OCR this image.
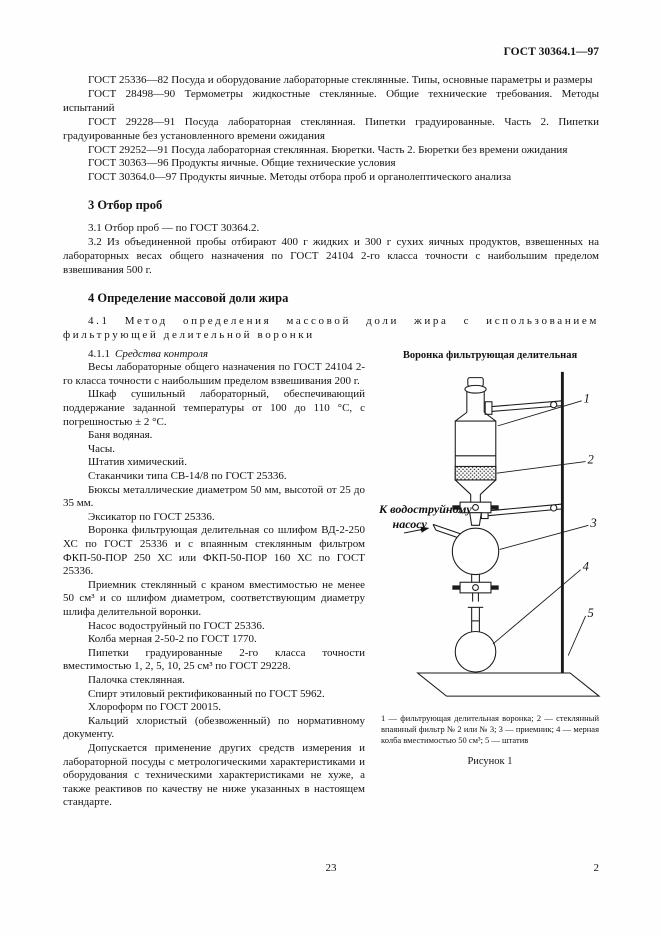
ГОСТ 30364.1—97

ГОСТ 25336—82 Посуда и оборудование лабораторные стеклянные. Типы, основные параметры и размеры

ГОСТ 28498—90 Термометры жидкостные стеклянные. Общие технические требования. Методы испытаний

ГОСТ 29228—91 Посуда лабораторная стеклянная. Пипетки градуированные. Часть 2. Пипетки градуированные без установленного времени ожидания

ГОСТ 29252—91 Посуда лабораторная стеклянная. Бюретки. Часть 2. Бюретки без времени ожидания

ГОСТ 30363—96 Продукты яичные. Общие технические условия

ГОСТ 30364.0—97 Продукты яичные. Методы отбора проб и органолептического анализа

3 Отбор проб

3.1 Отбор проб — по ГОСТ 30364.2.

3.2 Из объединенной пробы отбирают 400 г жидких и 300 г сухих яичных продуктов, взвешенных на лабораторных весах общего назначения по ГОСТ 24104 2-го класса точности с наибольшим пределом взвешивания 500 г.

4 Определение массовой доли жира

4.1 Метод определения массовой доли жира с использованием фильтрующей делительной воронки

4.1.1 Средства контроля

Весы лабораторные общего назначения по ГОСТ 24104 2-го класса точности с наибольшим пределом взвешивания 200 г.

Шкаф сушильный лабораторный, обеспечивающий поддержание заданной температуры от 100 до 110 °С, с погрешностью ± 2 °С.

Баня водяная.

Часы.

Штатив химический.

Стаканчики типа СВ-14/8 по ГОСТ 25336.

Бюксы металлические диаметром 50 мм, высотой от 25 до 35 мм.

Эксикатор по ГОСТ 25336.

Воронка фильтрующая делительная со шлифом ВД-2-250 ХС по ГОСТ 25336 и с впаянным стеклянным фильтром ФКП-50-ПОР 250 ХС или ФКП-50-ПОР 160 ХС по ГОСТ 25336.

Приемник стеклянный с краном вместимостью не менее 50 см³ и со шлифом диаметром, соответствующим диаметру шлифа делительной воронки.

Насос водоструйный по ГОСТ 25336.

Колба мерная 2-50-2 по ГОСТ 1770.

Пипетки градуированные 2-го класса точности вместимостью 1, 2, 5, 10, 25 см³ по ГОСТ 29228.

Палочка стеклянная.

Спирт этиловый ректификованный по ГОСТ 5962.

Хлороформ по ГОСТ 20015.

Кальций хлористый (обезвоженный) по нормативному документу.

Допускается применение других средств измерения и лабораторной посуды с метрологическими характеристиками и оборудования с техническими характеристиками не хуже, а также реактивов по качеству не ниже указанных в настоящем стандарте.

Воронка фильтрующая делительная

1
2
3
4
5
К водоструйному
насосу

1 — фильтрующая делительная воронка; 2 — стеклянный впаянный фильтр № 2 или № 3; 3 — приемник; 4 — мерная колба вместимостью 50 см³; 5 — штатив

Рисунок 1

23	2
